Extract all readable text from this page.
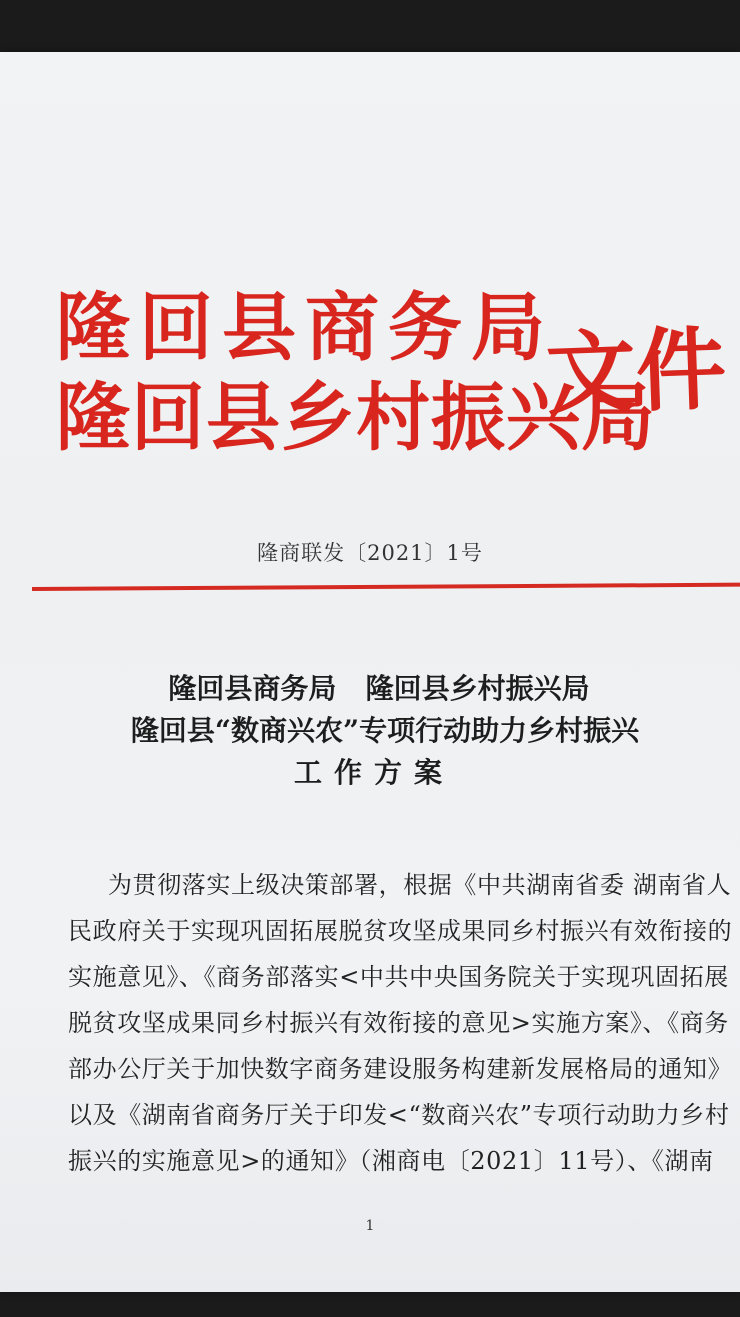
隆回县商务局
隆回县乡村振兴局
文件
隆商联发〔2021〕1号
隆回县商务局 隆回县乡村振兴局
隆回县“数商兴农”专项行动助力乡村振兴
工作方案
为贯彻落实上级决策部署，根据《中共湖南省委 湖南省人
民政府关于实现巩固拓展脱贫攻坚成果同乡村振兴有效衔接的
实施意见》、《商务部落实<中共中央国务院关于实现巩固拓展
脱贫攻坚成果同乡村振兴有效衔接的意见>实施方案》、《商务
部办公厅关于加快数字商务建设服务构建新发展格局的通知》
以及《湖南省商务厅关于印发<“数商兴农”专项行动助力乡村
振兴的实施意见>的通知》（湘商电〔2021〕11号）、《湖南
1
